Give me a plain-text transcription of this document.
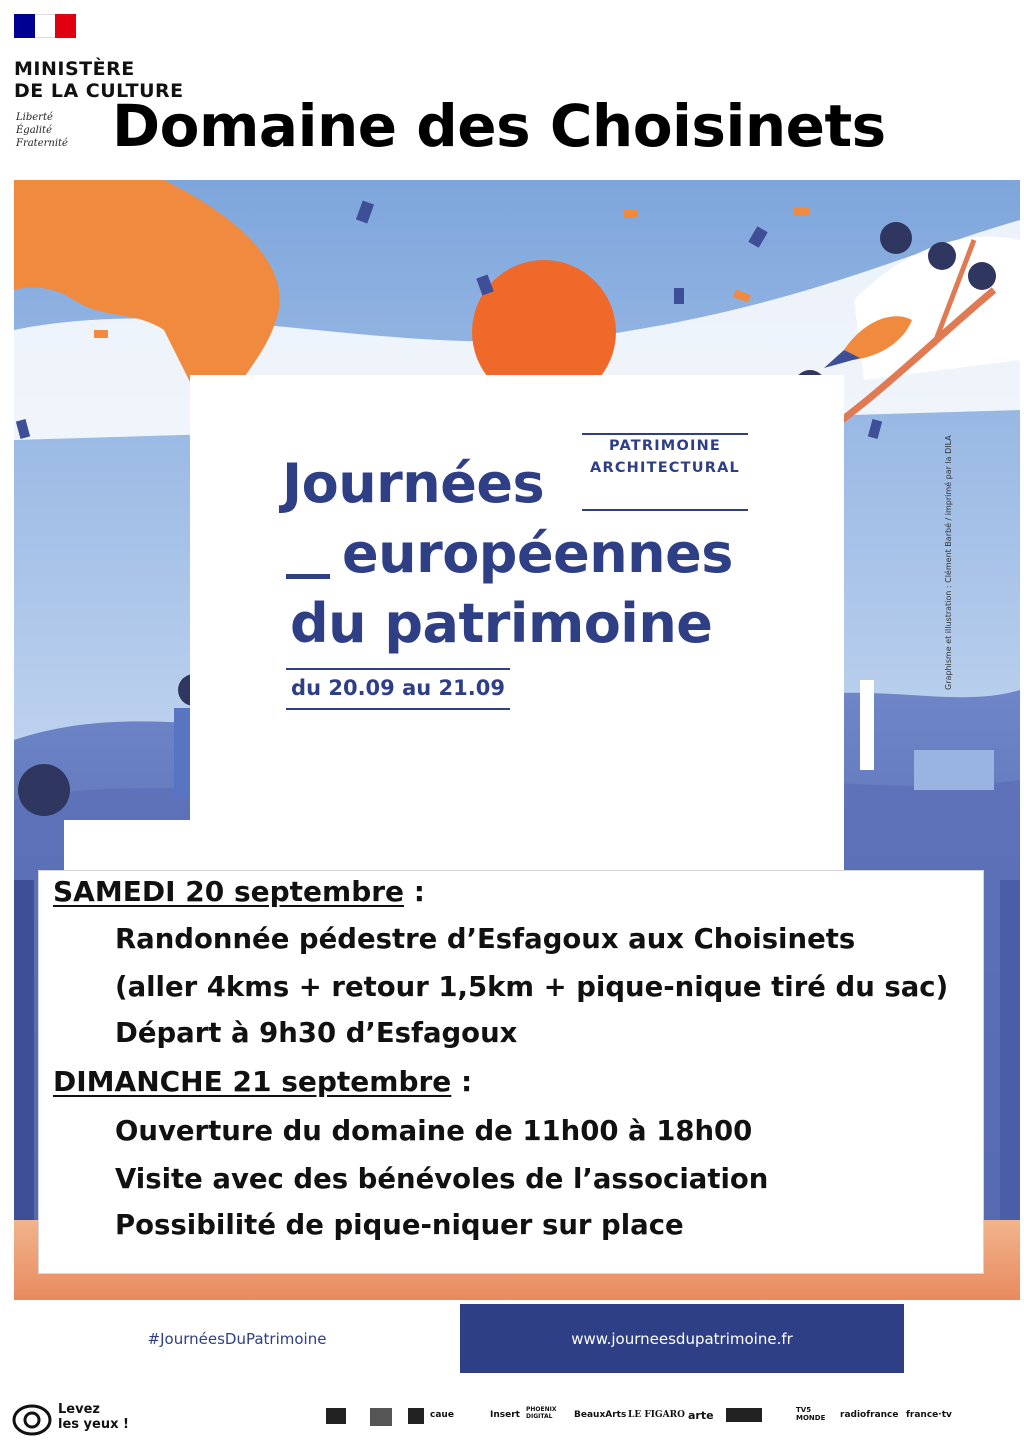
MINISTÈRE
DE LA CULTURE
Liberté
Égalité
Fraternité Domaine des Choisinets
PATRIMOINE
ARCHITECTURAL
Journées
européennes
du patrimoine
du 20.09 au 21.09	Graphisme et illustration : Clément Barbé / imprimé par la DILA
SAMEDI 20 septembre :
Randonnée pédestre d’Esfagoux aux Choisinets
(aller 4kms + retour 1,5km + pique-nique tiré du sac)
Départ à 9h30 d’Esfagoux
DIMANCHE 21 septembre :
Ouverture du domaine de 11h00 à 18h00
Visite avec des bénévoles de l’association
Possibilité de pique-niquer sur place
#JournéesDuPatrimoine	www.journeesdupatrimoine.fr
Levez
les yeux !
caue	Insert
PHOENIX DIGITAL	BeauxArts LE FIGARO arte	TV5 MONDE radiofrance france·tv
